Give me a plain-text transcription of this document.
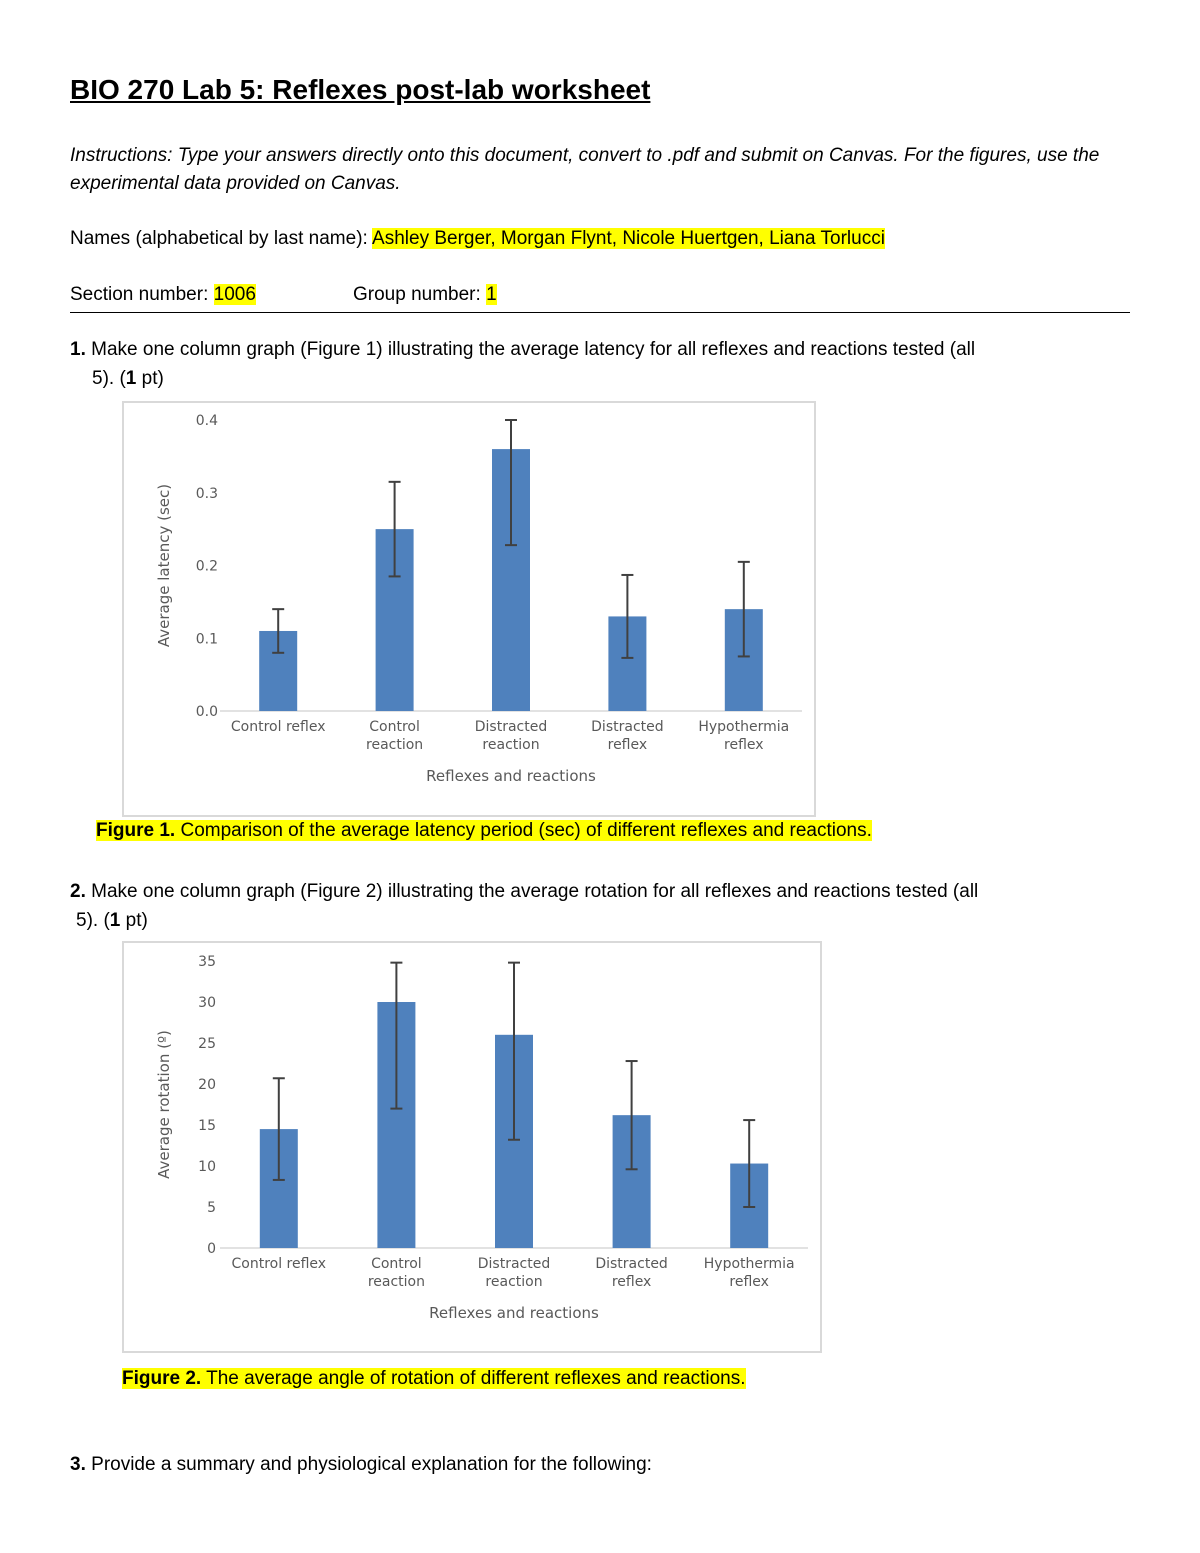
BIO 270 Lab 5: Reflexes post-lab worksheet
Instructions: Type your answers directly onto this document, convert to .pdf and submit on Canvas. For the figures, use the experimental data provided on Canvas.
Names (alphabetical by last name): Ashley Berger, Morgan Flynt, Nicole Huertgen, Liana Torlucci
Section number: 1006	Group number: 1
1. Make one column graph (Figure 1) illustrating the average latency for all reflexes and reactions tested (all
5). (1 pt)
0.0
0.1
0.2
0.3
0.4
Control reflex	Control reaction
Distracted reaction
Distracted reflex
Hypothermia reflex
Reflexes and reactions
Average latency (sec)
Figure 1. Comparison of the average latency period (sec) of different reflexes and reactions.
2. Make one column graph (Figure 2) illustrating the average rotation for all reflexes and reactions tested (all
5). (1 pt)
0
5
10
15
20
25
30
35
Control reflex	Control reaction
Distracted reaction
Distracted reflex
Hypothermia reflex
Reflexes and reactions
Average rotation (º)
Figure 2. The average angle of rotation of different reflexes and reactions.
3. Provide a summary and physiological explanation for the following:
